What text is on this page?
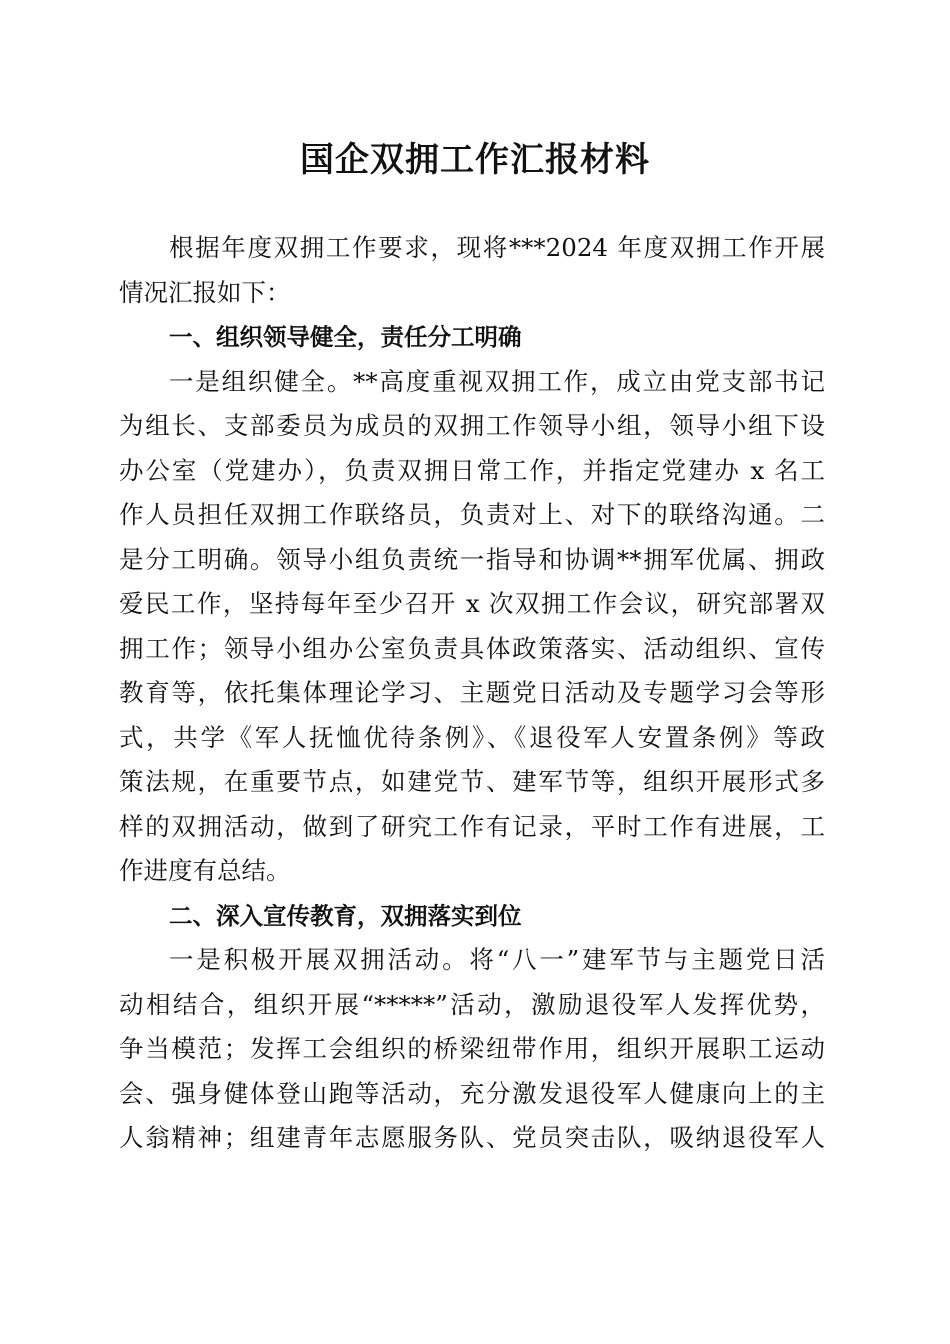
国企双拥工作汇报材料
根据年度双拥工作要求，现将***2024 年度双拥工作开展
情况汇报如下：
一、组织领导健全，责任分工明确
一是组织健全。**高度重视双拥工作，成立由党支部书记
为组长、支部委员为成员的双拥工作领导小组，领导小组下设
办公室（党建办），负责双拥日常工作，并指定党建办 x 名工
作人员担任双拥工作联络员，负责对上、对下的联络沟通。二
是分工明确。领导小组负责统一指导和协调**拥军优属、拥政
爱民工作，坚持每年至少召开 x 次双拥工作会议，研究部署双
拥工作；领导小组办公室负责具体政策落实、活动组织、宣传
教育等，依托集体理论学习、主题党日活动及专题学习会等形
式，共学《军人抚恤优待条例》、《退役军人安置条例》等政
策法规，在重要节点，如建党节、建军节等，组织开展形式多
样的双拥活动，做到了研究工作有记录，平时工作有进展，工
作进度有总结。
二、深入宣传教育，双拥落实到位
一是积极开展双拥活动。将“八一”建军节与主题党日活
动相结合，组织开展“*****”活动，激励退役军人发挥优势，
争当模范；发挥工会组织的桥梁纽带作用，组织开展职工运动
会、强身健体登山跑等活动，充分激发退役军人健康向上的主
人翁精神；组建青年志愿服务队、党员突击队，吸纳退役军人
